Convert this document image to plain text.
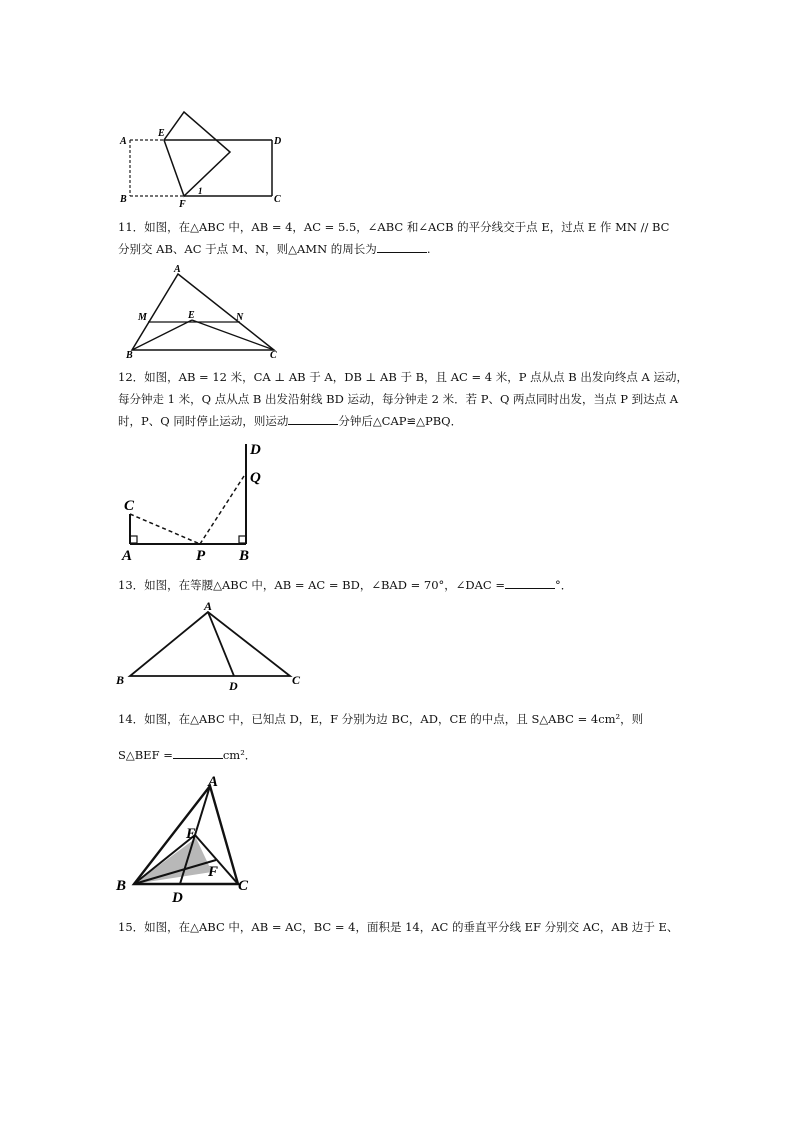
A
E
D
B	F
1
C
11．如图，在△ABC 中，AB = 4，AC = 5.5，∠ABC 和∠ACB 的平分线交于点 E，过点 E 作 MN // BC
分别交 AB、AC 于点 M、N，则△AMN 的周长为	.
A
M	E	N
B	C
12．如图，AB = 12 米，CA ⊥ AB 于 A，DB ⊥ AB 于 B，且 AC = 4 米，P 点从点 B 出发向终点 A 运动，
每分钟走 1 米，Q 点从点 B 出发沿射线 BD 运动，每分钟走 2 米．若 P、Q 两点同时出发，当点 P 到达点 A
时，P、Q 同时停止运动，则运动	分钟后△CAP≌△PBQ．
D
Q
C
A	P B
13．如图，在等腰△ABC 中，AB = AC = BD，∠BAD = 70°，∠DAC =	°．
A
B	D	C
14．如图，在△ABC 中，已知点 D，E，F 分别为边 BC，AD，CE 的中点，且 S△ABC = 4cm²，则
S△BEF =	cm²．
A
E
F
B
D
C
15．如图，在△ABC 中，AB = AC，BC = 4，面积是 14，AC 的垂直平分线 EF 分别交 AC，AB 边于 E、
